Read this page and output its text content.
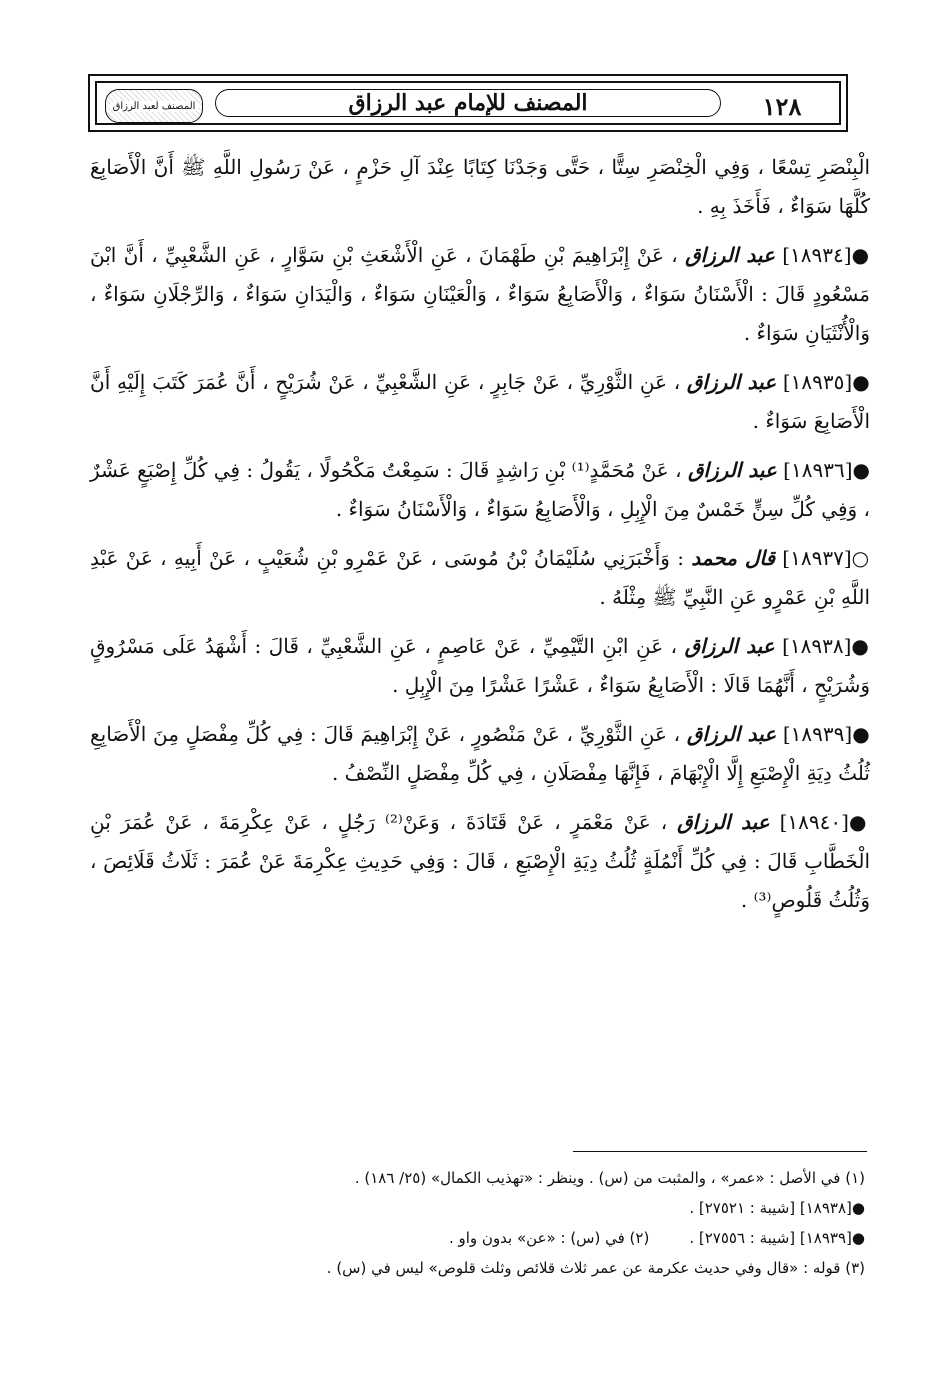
المصنف لعبد الرزاق	المصنف للإمام عبد الرزاق	١٢٨

الْبِنْصَرِ تِسْعًا ، وَفِي الْخِنْصَرِ سِتًّا ، حَتَّى وَجَدْنَا كِتَابًا عِنْدَ آلِ حَزْمٍ ، عَنْ رَسُولِ اللَّهِ ﷺ أَنَّ الْأَصَابِعَ كُلَّهَا سَوَاءٌ ، فَأَخَذَ بِهِ .

●[١٨٩٣٤] عبد الرزاق ، عَنْ إِبْرَاهِيمَ بْنِ طَهْمَانَ ، عَنِ الْأَشْعَثِ بْنِ سَوَّارٍ ، عَنِ الشَّعْبِيِّ ، أَنَّ ابْنَ مَسْعُودٍ قَالَ : الْأَسْنَانُ سَوَاءٌ ، وَالْأَصَابِعُ سَوَاءٌ ، وَالْعَيْنَانِ سَوَاءٌ ، وَالْيَدَانِ سَوَاءٌ ، وَالرِّجْلَانِ سَوَاءٌ ، وَالْأُنْثَيَانِ سَوَاءٌ .

●[١٨٩٣٥] عبد الرزاق ، عَنِ الثَّوْرِيِّ ، عَنْ جَابِرٍ ، عَنِ الشَّعْبِيِّ ، عَنْ شُرَيْحٍ ، أَنَّ عُمَرَ كَتَبَ إِلَيْهِ أَنَّ الْأَصَابِعَ سَوَاءٌ .

●[١٨٩٣٦] عبد الرزاق ، عَنْ مُحَمَّدٍ⁽¹⁾ بْنِ رَاشِدٍ قَالَ : سَمِعْتُ مَكْحُولًا ، يَقُولُ : فِي كُلِّ إِصْبَعٍ عَشْرٌ ، وَفِي كُلِّ سِنٍّ خَمْسٌ مِنَ الْإِبِلِ ، وَالْأَصَابِعُ سَوَاءٌ ، وَالْأَسْنَانُ سَوَاءٌ .

○[١٨٩٣٧] قال محمد : وَأَخْبَرَنِي سُلَيْمَانُ بْنُ مُوسَى ، عَنْ عَمْرِو بْنِ شُعَيْبٍ ، عَنْ أَبِيهِ ، عَنْ عَبْدِ اللَّهِ بْنِ عَمْرٍو عَنِ النَّبِيِّ ﷺ مِثْلَهُ .

●[١٨٩٣٨] عبد الرزاق ، عَنِ ابْنِ التَّيْمِيِّ ، عَنْ عَاصِمٍ ، عَنِ الشَّعْبِيِّ ، قَالَ : أَشْهَدُ عَلَى مَسْرُوقٍ وَشُرَيْحٍ ، أَنَّهُمَا قَالَا : الْأَصَابِعُ سَوَاءٌ ، عَشْرًا عَشْرًا مِنَ الْإِبِلِ .

●[١٨٩٣٩] عبد الرزاق ، عَنِ الثَّوْرِيِّ ، عَنْ مَنْصُورٍ ، عَنْ إِبْرَاهِيمَ قَالَ : فِي كُلِّ مِفْصَلٍ مِنَ الْأَصَابِعِ ثُلُثُ دِيَةِ الْإِصْبَعِ إِلَّا الْإِبْهَامَ ، فَإِنَّهَا مِفْصَلَانِ ، فِي كُلِّ مِفْصَلٍ النِّصْفُ .

●[١٨٩٤٠] عبد الرزاق ، عَنْ مَعْمَرٍ ، عَنْ قَتَادَةَ ، وَعَنْ⁽²⁾ رَجُلٍ ، عَنْ عِكْرِمَةَ ، عَنْ عُمَرَ بْنِ الْخَطَّابِ قَالَ : فِي كُلِّ أَنْمُلَةٍ ثُلُثُ دِيَةِ الْإِصْبَعِ ، قَالَ : وَفِي حَدِيثِ عِكْرِمَةَ عَنْ عُمَرَ : ثَلَاثُ قَلَائِصَ ، وَثُلُثُ قَلُوصٍ⁽³⁾ .

(١) في الأصل : «عمر» ، والمثبت من (س) . وينظر : «تهذيب الكمال» (٢٥/ ١٨٦) .
●[١٨٩٣٨] [شيبة : ٢٧٥٢١] .
●[١٨٩٣٩] [شيبة : ٢٧٥٥٦] .
(٢) في (س) : «عن» بدون واو .
(٣) قوله : «قال وفي حديث عكرمة عن عمر ثلاث قلائص وثلث قلوص» ليس في (س) .
